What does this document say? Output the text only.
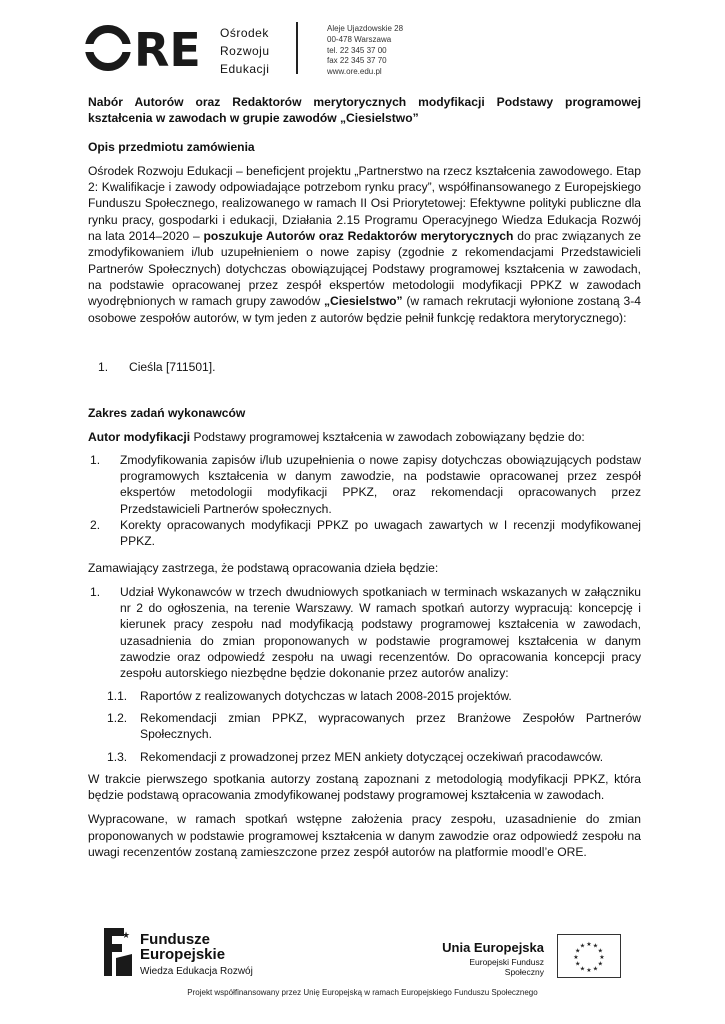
RE Ośrodek
Rozwoju
Edukacji
Aleje Ujazdowskie 28
00-478 Warszawa
tel. 22 345 37 00
fax 22 345 37 70
www.ore.edu.pl

Nabór Autorów oraz Redaktorów merytorycznych modyfikacji Podstawy programowej kształcenia w zawodach w grupie zawodów „Ciesielstwo”

Opis przedmiotu zamówienia

Ośrodek Rozwoju Edukacji – beneficjent projektu „Partnerstwo na rzecz kształcenia zawodowego. Etap 2: Kwalifikacje i zawody odpowiadające potrzebom rynku pracy”, współfinansowanego z Europejskiego Funduszu Społecznego, realizowanego w ramach II Osi Priorytetowej: Efektywne polityki publiczne dla rynku pracy, gospodarki i edukacji, Działania 2.15 Programu Operacyjnego Wiedza Edukacja Rozwój na lata 2014–2020 – poszukuje Autorów oraz Redaktorów merytorycznych do prac związanych ze zmodyfikowaniem i/lub uzupełnieniem o nowe zapisy (zgodnie z rekomendacjami Przedstawicieli Partnerów Społecznych) dotychczas obowiązującej Podstawy programowej kształcenia w zawodach, na podstawie opracowanej przez zespół ekspertów metodologii modyfikacji PPKZ w zawodach wyodrębnionych w ramach grupy zawodów „Ciesielstwo” (w ramach rekrutacji wyłonione zostaną 3-4 osobowe zespołów autorów, w tym jeden z autorów będzie pełnił funkcję redaktora merytorycznego):

1. Cieśla [711501].

Zakres zadań wykonawców

Autor modyfikacji Podstawy programowej kształcenia w zawodach zobowiązany będzie do:

1. Zmodyfikowania zapisów i/lub uzupełnienia o nowe zapisy dotychczas obowiązujących podstaw programowych kształcenia w danym zawodzie, na podstawie opracowanej przez zespół ekspertów metodologii modyfikacji PPKZ, oraz rekomendacji opracowanych przez Przedstawicieli Partnerów społecznych.
2. Korekty opracowanych modyfikacji PPKZ po uwagach zawartych w I recenzji modyfikowanej PPKZ.

Zamawiający zastrzega, że podstawą opracowania dzieła będzie:

1. Udział Wykonawców w trzech dwudniowych spotkaniach w terminach wskazanych w załączniku nr 2 do ogłoszenia, na terenie Warszawy. W ramach spotkań autorzy wypracują: koncepcję i kierunek pracy zespołu nad modyfikacją podstawy programowej kształcenia w zawodach, uzasadnienia do zmian proponowanych w podstawie programowej kształcenia w danym zawodzie oraz odpowiedź zespołu na uwagi recenzentów. Do opracowania koncepcji pracy zespołu autorskiego niezbędne będzie dokonanie przez autorów analizy:
1.1. Raportów z realizowanych dotychczas w latach 2008-2015 projektów.
1.2. Rekomendacji zmian PPKZ, wypracowanych przez Branżowe Zespołów Partnerów Społecznych.
1.3. Rekomendacji z prowadzonej przez MEN ankiety dotyczącej oczekiwań pracodawców.

W trakcie pierwszego spotkania autorzy zostaną zapoznani z metodologią modyfikacji PPKZ, która będzie podstawą opracowania zmodyfikowanej podstawy programowej kształcenia w zawodach.

Wypracowane, w ramach spotkań wstępne założenia pracy zespołu, uzasadnienie do zmian proponowanych w podstawie programowej kształcenia w danym zawodzie oraz odpowiedź zespołu na uwagi recenzentów zostaną zamieszczone przez zespół autorów na platformie moodl’e ORE.

★ Fundusze
Europejskie
Wiedza Edukacja Rozwój
Unia Europejska
Europejski Fundusz Społeczny
★
★
★
★
★
★
★
★
★ ★ ★
★
Projekt współfinansowany przez Unię Europejską w ramach Europejskiego Funduszu Społecznego
